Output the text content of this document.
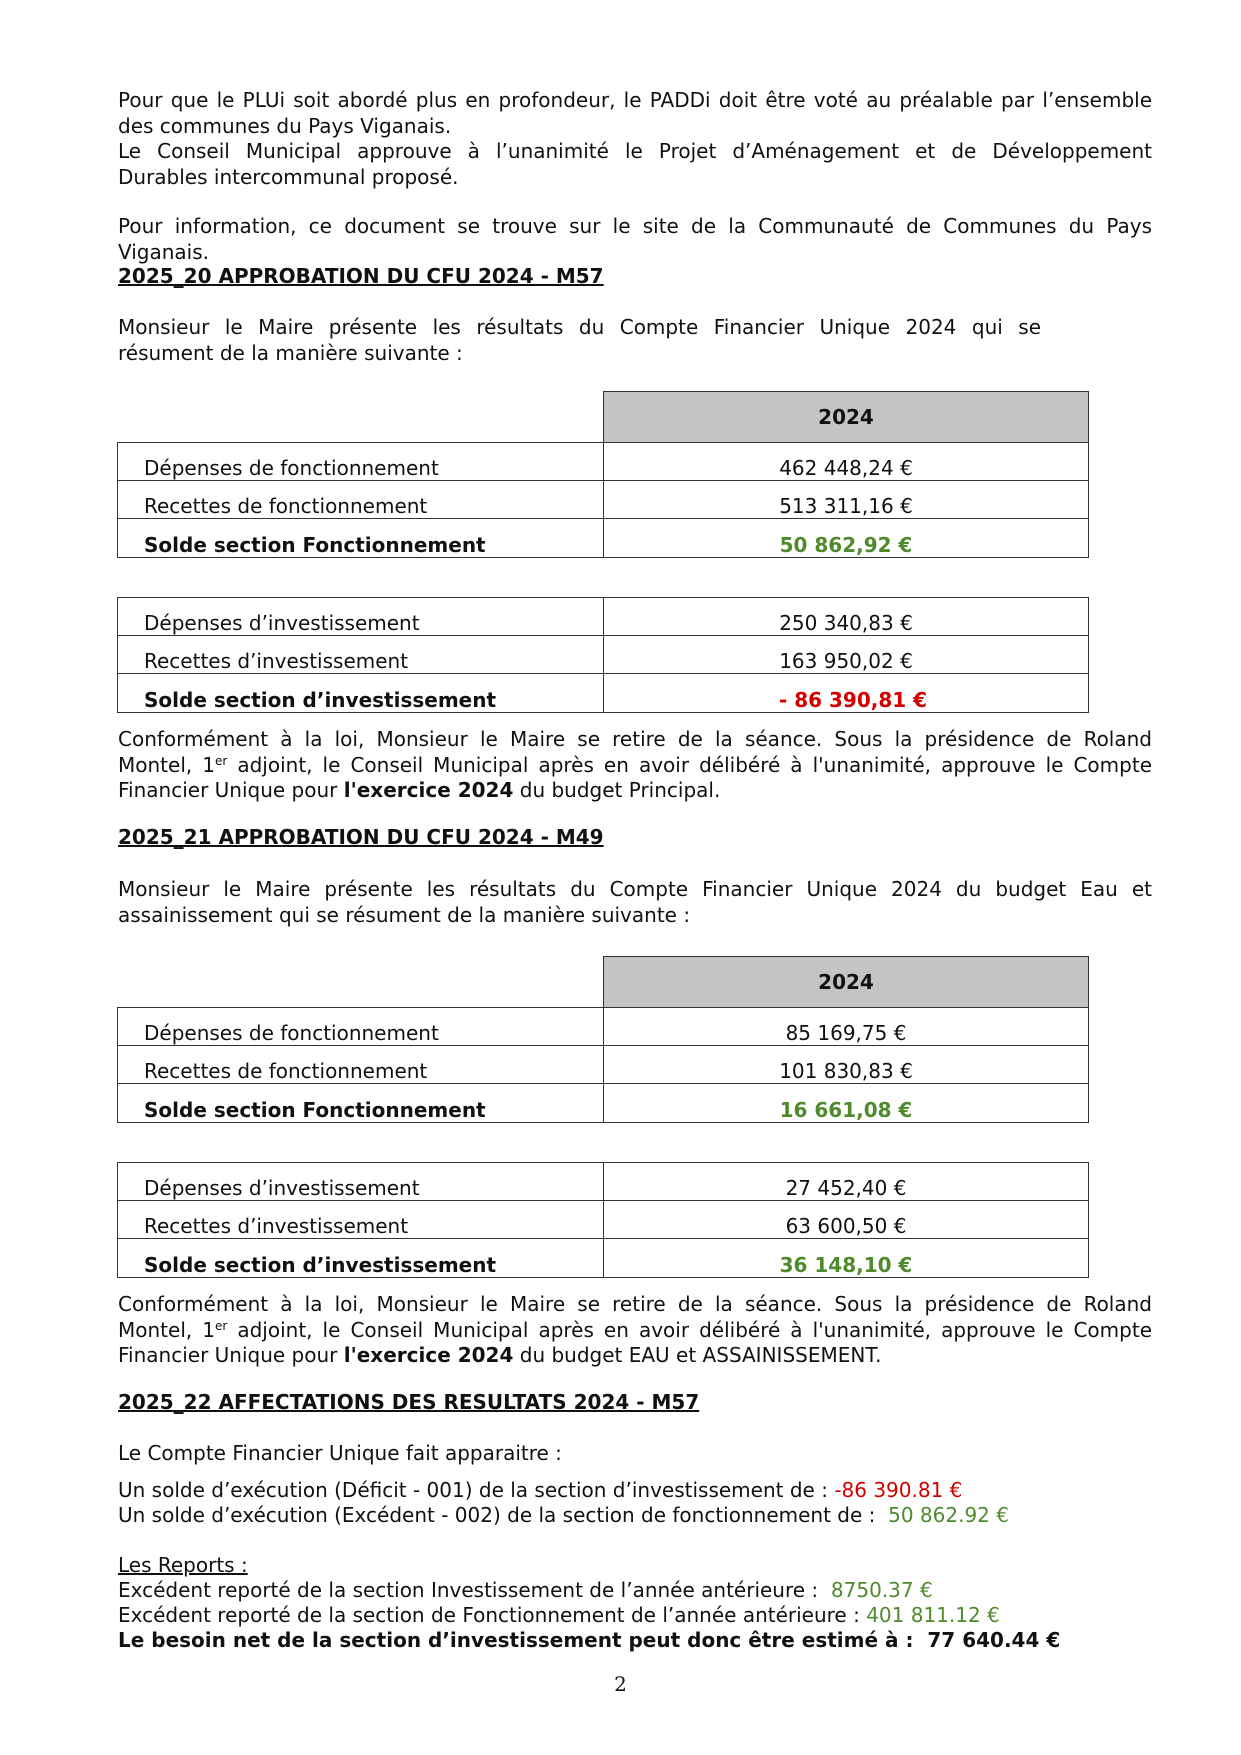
Pour que le PLUi soit abordé plus en profondeur, le PADDi doit être voté au préalable par l’ensemble
des communes du Pays Viganais.
Le Conseil Municipal approuve à l’unanimité le Projet d’Aménagement et de Développement
Durables intercommunal proposé.
Pour information, ce document se trouve sur le site de la Communauté de Communes du Pays
Viganais.
2025_20 APPROBATION DU CFU 2024 - M57
Monsieur le Maire présente les résultats du Compte Financier Unique 2024 qui se
résument de la manière suivante :
2024
Dépenses de fonctionnement	462 448,24 €
Recettes de fonctionnement	513 311,16 €
Solde section Fonctionnement	50 862,92 €
Dépenses d’investissement	250 340,83 €
Recettes d’investissement	163 950,02 €
Solde section d’investissement	- 86 390,81 €
Conformément à la loi, Monsieur le Maire se retire de la séance. Sous la présidence de Roland
Montel, 1er adjoint, le Conseil Municipal après en avoir délibéré à l'unanimité, approuve le Compte
Financier Unique pour l'exercice 2024 du budget Principal.
2025_21 APPROBATION DU CFU 2024 - M49
Monsieur le Maire présente les résultats du Compte Financier Unique 2024 du budget Eau et
assainissement qui se résument de la manière suivante :
2024
Dépenses de fonctionnement	85 169,75 €
Recettes de fonctionnement	101 830,83 €
Solde section Fonctionnement	16 661,08 €
Dépenses d’investissement	27 452,40 €
Recettes d’investissement	63 600,50 €
Solde section d’investissement	36 148,10 €
Conformément à la loi, Monsieur le Maire se retire de la séance. Sous la présidence de Roland
Montel, 1er adjoint, le Conseil Municipal après en avoir délibéré à l'unanimité, approuve le Compte
Financier Unique pour l'exercice 2024 du budget EAU et ASSAINISSEMENT.
2025_22 AFFECTATIONS DES RESULTATS 2024 - M57
Le Compte Financier Unique fait apparaitre :
Un solde d’exécution (Déficit - 001) de la section d’investissement de : -86 390.81 €
Un solde d’exécution (Excédent - 002) de la section de fonctionnement de :  50 862.92 €
Les Reports :
Excédent reporté de la section Investissement de l’année antérieure :  8750.37 €
Excédent reporté de la section de Fonctionnement de l’année antérieure : 401 811.12 €
Le besoin net de la section d’investissement peut donc être estimé à :  77 640.44 €
2
